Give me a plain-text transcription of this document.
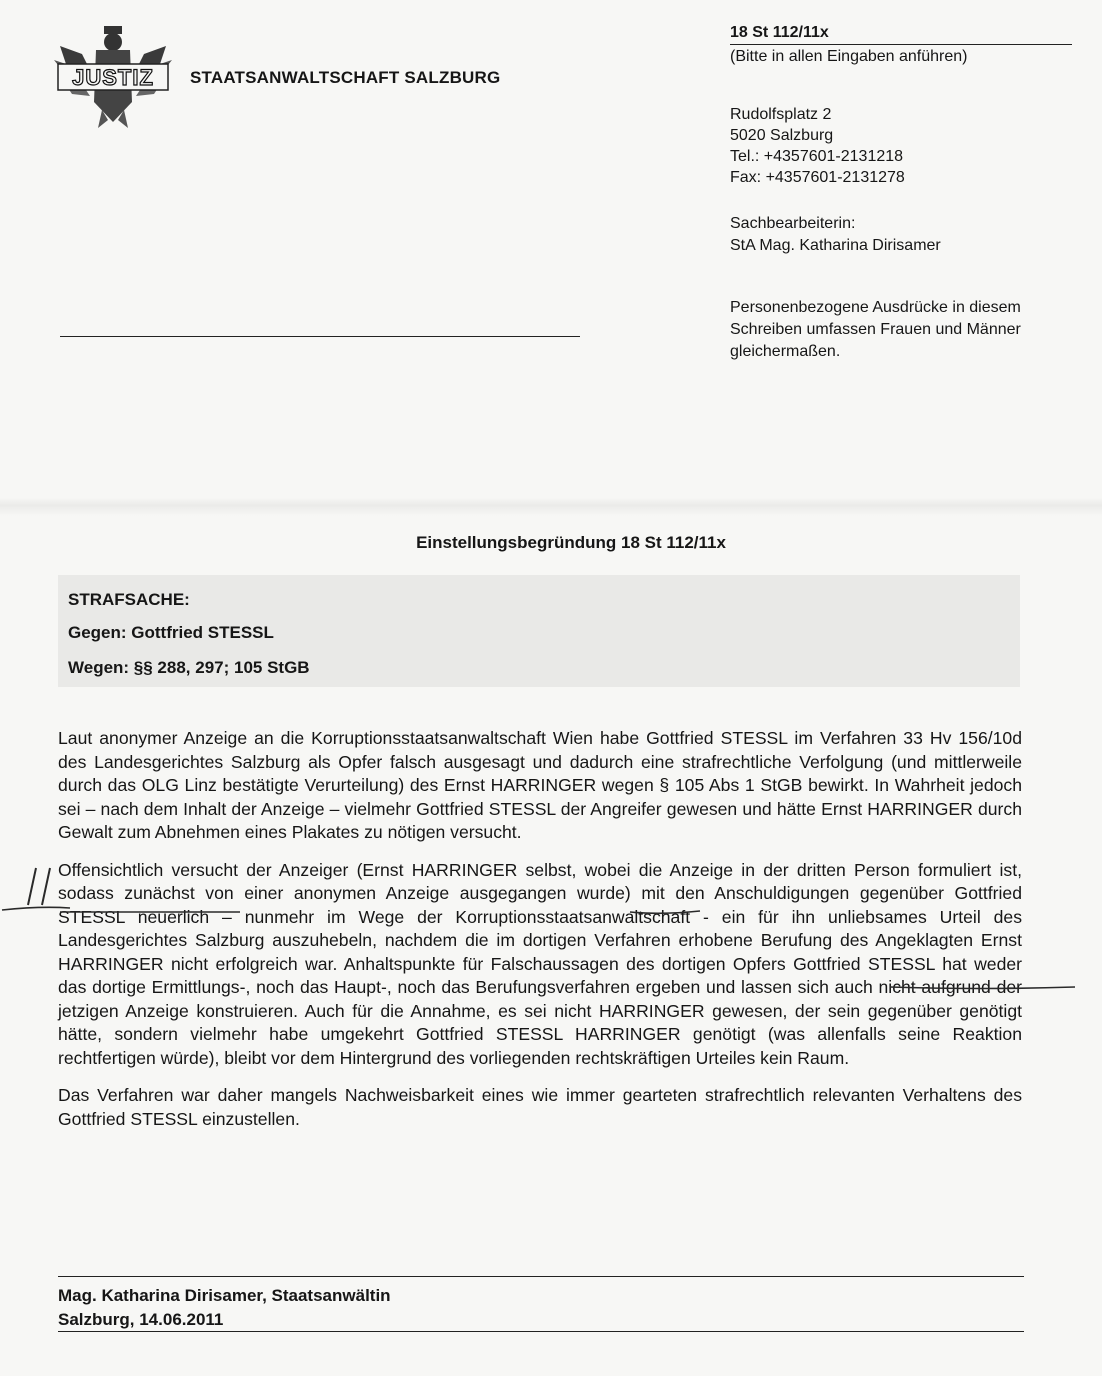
JUSTIZ STAATSANWALTSCHAFT SALZBURG
18 St 112/11x
(Bitte in allen Eingaben anführen)
Rudolfsplatz 2
5020 Salzburg
Tel.: +4357601-2131218
Fax: +4357601-2131278
Sachbearbeiterin:
StA Mag. Katharina Dirisamer
Personenbezogene Ausdrücke in diesem Schreiben umfassen Frauen und Männer gleichermaßen.
Einstellungsbegründung 18 St 112/11x
STRAFSACHE:
Gegen: Gottfried STESSL
Wegen: §§ 288, 297; 105 StGB

Laut anonymer Anzeige an die Korruptionsstaatsanwaltschaft Wien habe Gottfried STESSL im Verfahren 33 Hv 156/10d des Landesgerichtes Salzburg als Opfer falsch ausgesagt und dadurch eine strafrechtliche Verfolgung (und mittlerweile durch das OLG Linz bestätigte Verurteilung) des Ernst HARRINGER wegen § 105 Abs 1 StGB bewirkt. In Wahrheit jedoch sei – nach dem Inhalt der Anzeige – vielmehr Gottfried STESSL der Angreifer gewesen und hätte Ernst HARRINGER durch Gewalt zum Abnehmen eines Plakates zu nötigen versucht.

Offensichtlich versucht der Anzeiger (Ernst HARRINGER selbst, wobei die Anzeige in der dritten Person formuliert ist, sodass zunächst von einer anonymen Anzeige ausgegangen wurde) mit den Anschuldigungen gegenüber Gottfried STESSL neuerlich – nunmehr im Wege der Korruptionsstaatsanwaltschaft - ein für ihn unliebsames Urteil des Landesgerichtes Salzburg auszuhebeln, nachdem die im dortigen Verfahren erhobene Berufung des Angeklagten Ernst HARRINGER nicht erfolgreich war. Anhaltspunkte für Falschaussagen des dortigen Opfers Gottfried STESSL hat weder das dortige Ermittlungs-, noch das Haupt-, noch das Berufungsverfahren ergeben und lassen sich auch nicht aufgrund der jetzigen Anzeige konstruieren. Auch für die Annahme, es sei nicht HARRINGER gewesen, der sein gegenüber genötigt hätte, sondern vielmehr habe umgekehrt Gottfried STESSL HARRINGER genötigt (was allenfalls seine Reaktion rechtfertigen würde), bleibt vor dem Hintergrund des vorliegenden rechtskräftigen Urteiles kein Raum.

Das Verfahren war daher mangels Nachweisbarkeit eines wie immer gearteten strafrechtlich relevanten Verhaltens des Gottfried STESSL einzustellen.

Mag. Katharina Dirisamer, Staatsanwältin
Salzburg, 14.06.2011
